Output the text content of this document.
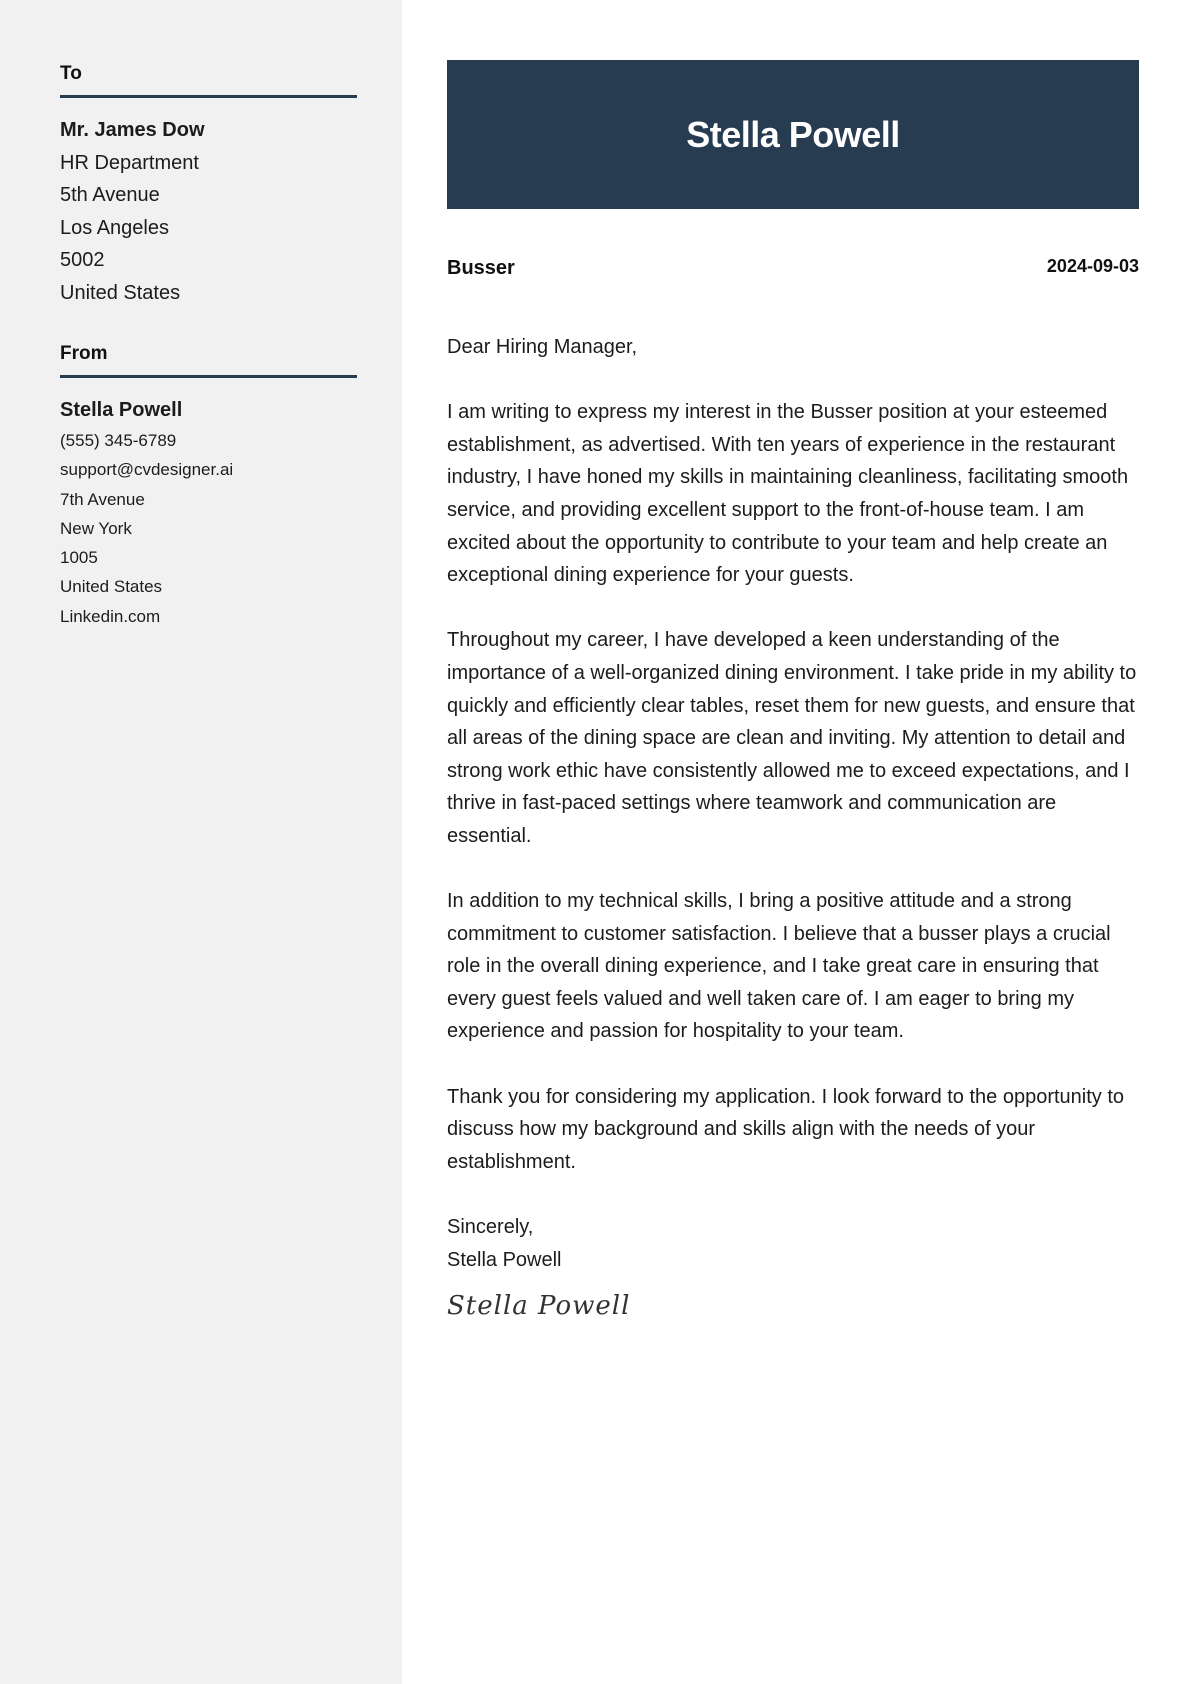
To
Mr. James Dow
HR Department
5th Avenue
Los Angeles
5002
United States
From
Stella Powell
(555) 345-6789
support@cvdesigner.ai
7th Avenue
New York
1005
United States
Linkedin.com
Stella Powell
Busser	2024-09-03

Dear Hiring Manager,

I am writing to express my interest in the Busser position at your esteemed establishment, as advertised. With ten years of experience in the restaurant industry, I have honed my skills in maintaining cleanliness, facilitating smooth service, and providing excellent support to the front-of-house team. I am excited about the opportunity to contribute to your team and help create an exceptional dining experience for your guests.

Throughout my career, I have developed a keen understanding of the importance of a well-organized dining environment. I take pride in my ability to quickly and efficiently clear tables, reset them for new guests, and ensure that all areas of the dining space are clean and inviting. My attention to detail and strong work ethic have consistently allowed me to exceed expectations, and I thrive in fast-paced settings where teamwork and communication are essential.

In addition to my technical skills, I bring a positive attitude and a strong commitment to customer satisfaction. I believe that a busser plays a crucial role in the overall dining experience, and I take great care in ensuring that every guest feels valued and well taken care of. I am eager to bring my experience and passion for hospitality to your team.

Thank you for considering my application. I look forward to the opportunity to discuss how my background and skills align with the needs of your establishment.

Sincerely,
Stella Powell
Stella Powell
